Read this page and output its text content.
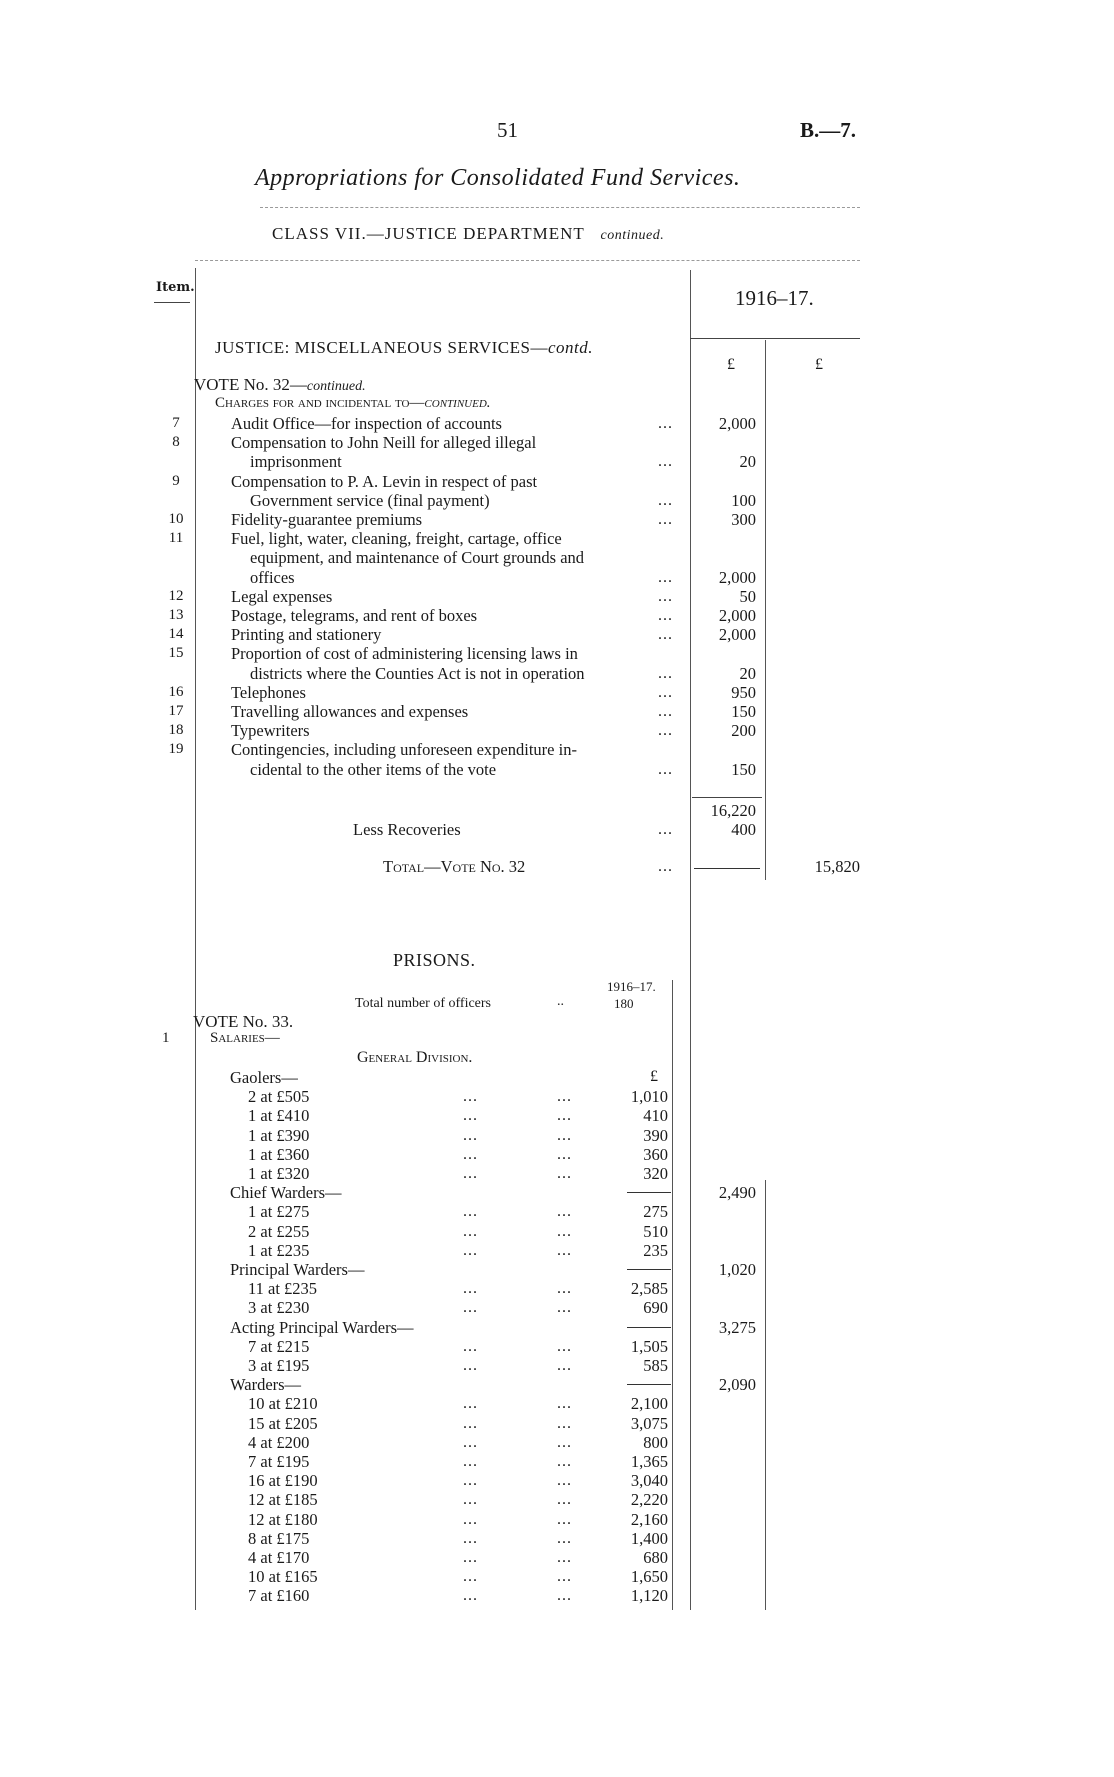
51	B.—7.
Appropriations for Consolidated Fund Services.
CLASS VII.—JUSTICE DEPARTMENT continued.
Item.	1916–17.
£	£
JUSTICE: MISCELLANEOUS SERVICES—contd.
VOTE No. 32—continued.
Charges for and incidental to—continued.
7	Audit Office—for inspection of accounts	...	2,000
8	Compensation to John Neill for alleged illegal
imprisonment	...	20
9	Compensation to P. A. Levin in respect of past
Government service (final payment)	...	100
10	Fidelity-guarantee premiums	...	300
11	Fuel, light, water, cleaning, freight, cartage, office
equipment, and maintenance of Court grounds and
offices	...	2,000
12	Legal expenses	...	50
13	Postage, telegrams, and rent of boxes	...	2,000
14	Printing and stationery	...	2,000
15	Proportion of cost of administering licensing laws in
districts where the Counties Act is not in operation	...	20
16	Telephones	...	950
17	Travelling allowances and expenses	...	150
18	Typewriters	...	200
19	Contingencies, including unforeseen expenditure in-
cidental to the other items of the vote	...	150
16,220
Less Recoveries	...	400
Total—Vote No. 32	...	15,820
PRISONS.
1916–17.
Total number of officers	..	180
VOTE No. 33.
1	Salaries—
General Division.
£
Gaolers—
2 at £505	...	...	1,010
1 at £410	...	...	410
1 at £390	...	...	390
1 at £360	...	...	360
1 at £320	...	...	320
2,490
Chief Warders—
1 at £275	...	...	275
2 at £255	...	...	510
1 at £235	...	...	235
1,020
Principal Warders—
11 at £235	...	...	2,585
3 at £230	...	...	690
3,275
Acting Principal Warders—
7 at £215	...	...	1,505
3 at £195	...	...	585
2,090
Warders—
10 at £210	...	...	2,100
15 at £205	...	...	3,075
4 at £200	...	...	800
7 at £195	...	...	1,365
16 at £190	...	...	3,040
12 at £185	...	...	2,220
12 at £180	...	...	2,160
8 at £175	...	...	1,400
4 at £170	...	...	680
10 at £165	...	...	1,650
7 at £160	...	...	1,120
